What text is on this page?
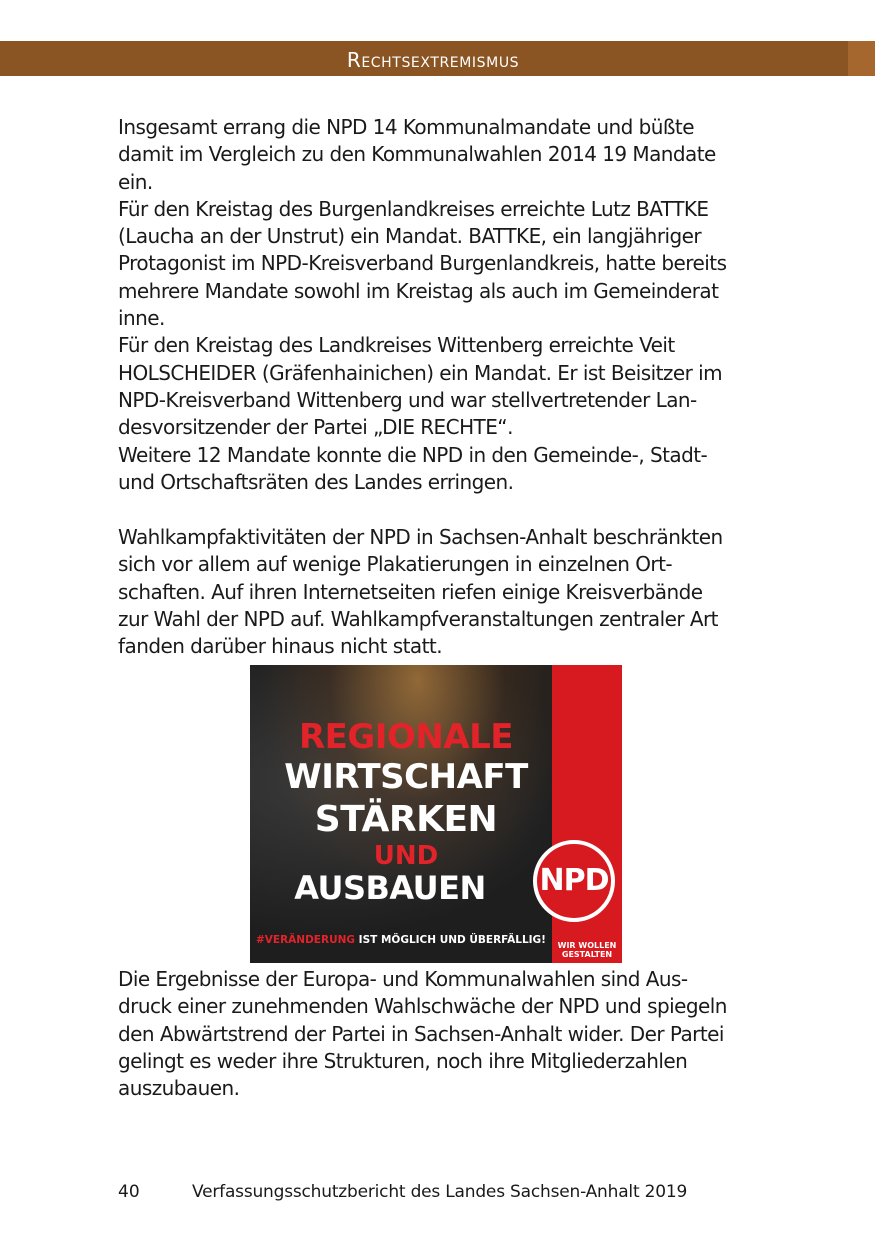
Rechtsextremismus

Insgesamt errang die NPD 14 Kommunalmandate und büßte
damit im Vergleich zu den Kommunalwahlen 2014 19 Mandate
ein.
Für den Kreistag des Burgenlandkreises erreichte Lutz BATTKE
(Laucha an der Unstrut) ein Mandat. BATTKE, ein langjähriger
Protagonist im NPD-Kreisverband Burgenlandkreis, hatte bereits
mehrere Mandate sowohl im Kreistag als auch im Gemeinderat
inne.
Für den Kreistag des Landkreises Wittenberg erreichte Veit
HOLSCHEIDER (Gräfenhainichen) ein Mandat. Er ist Beisitzer im
NPD-Kreisverband Wittenberg und war stellvertretender Lan-
desvorsitzender der Partei „DIE RECHTE“.
Weitere 12 Mandate konnte die NPD in den Gemeinde-, Stadt-
und Ortschaftsräten des Landes erringen.

Wahlkampfaktivitäten der NPD in Sachsen-Anhalt beschränkten
sich vor allem auf wenige Plakatierungen in einzelnen Ort-
schaften. Auf ihren Internetseiten riefen einige Kreisverbände
zur Wahl der NPD auf. Wahlkampfveranstaltungen zentraler Art
fanden darüber hinaus nicht statt.

REGIONALE
WIRTSCHAFT
STÄRKEN
UND
AUSBAUEN	NPD
#VERÄNDERUNG IST MÖGLICH UND ÜBERFÄLLIG!	WIR WOLLEN GESTALTEN

Die Ergebnisse der Europa- und Kommunalwahlen sind Aus-
druck einer zunehmenden Wahlschwäche der NPD und spiegeln
den Abwärtstrend der Partei in Sachsen-Anhalt wider. Der Partei
gelingt es weder ihre Strukturen, noch ihre Mitgliederzahlen
auszubauen.

40	Verfassungsschutzbericht des Landes Sachsen-Anhalt 2019
